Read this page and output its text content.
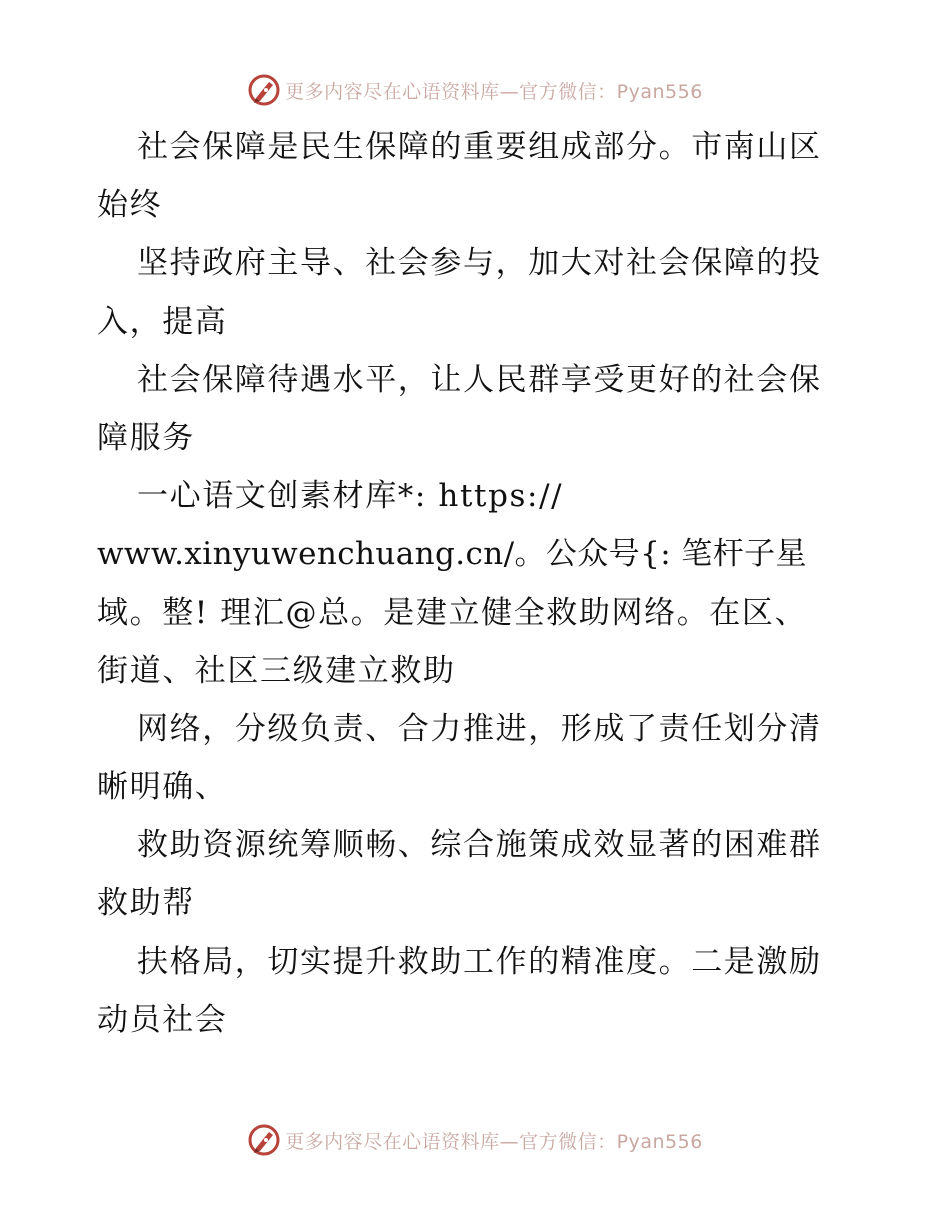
更多内容尽在心语资料库—官方微信：Pyan556
社会保障是民生保障的重要组成部分。市南山区
始终
坚持政府主导、社会参与，加大对社会保障的投
入，提高
社会保障待遇水平，让人民群享受更好的社会保
障服务
一心语文创素材库*: https://
www.xinyuwenchuang.cn/。公众号{: 笔杆子星
域。整! 理汇@总。是建立健全救助网络。在区、
街道、社区三级建立救助
网络，分级负责、合力推进，形成了责任划分清
晰明确、
救助资源统筹顺畅、综合施策成效显著的困难群
救助帮
扶格局，切实提升救助工作的精准度。二是激励
动员社会
更多内容尽在心语资料库—官方微信：Pyan556
